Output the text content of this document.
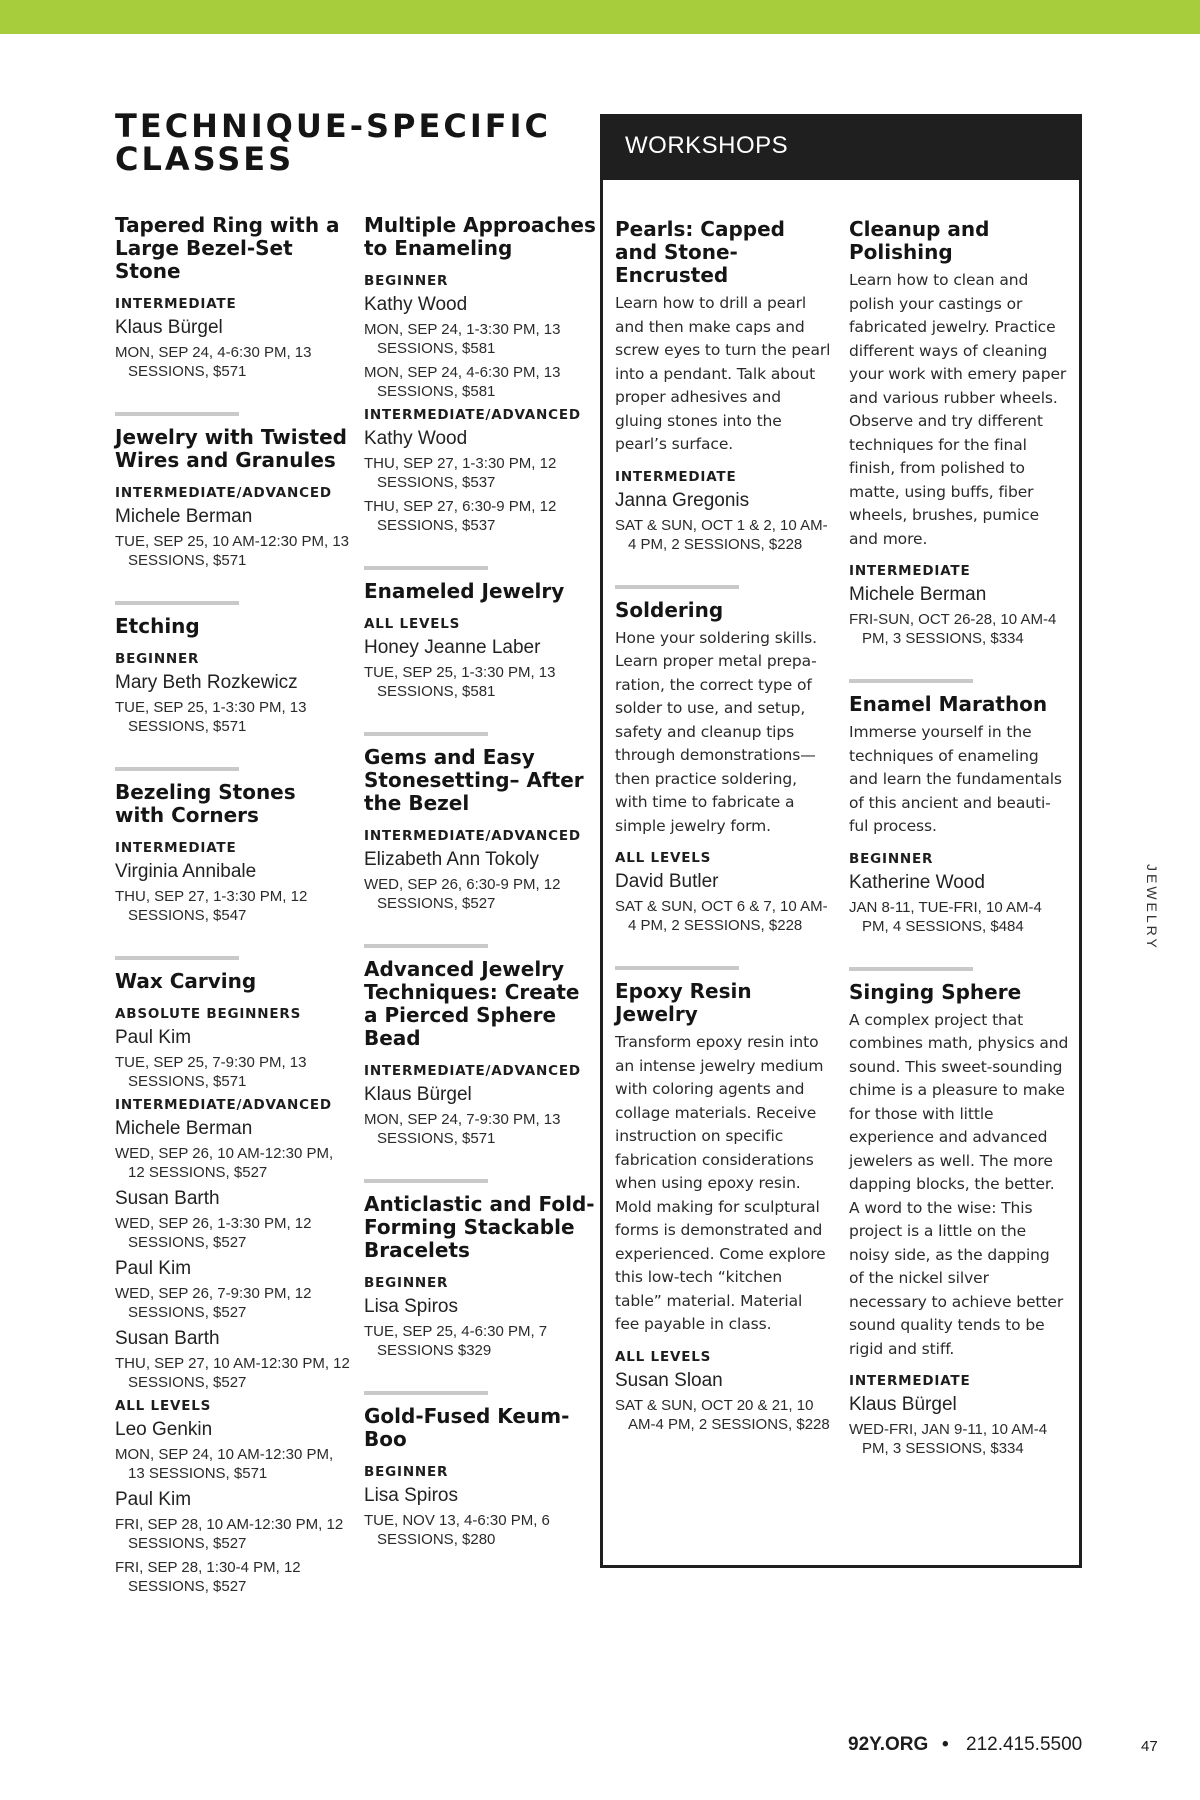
TECHNIQUE-SPECIFIC CLASSES	WORKSHOPS
Tapered Ring with a Large Bezel-Set Stone
INTERMEDIATE
Klaus Bürgel
MON, SEP 24, 4-6:30 PM, 13 SESSIONS, $571
Jewelry with Twisted Wires and Granules
INTERMEDIATE/ADVANCED
Michele Berman
TUE, SEP 25, 10 AM-12:30 PM, 13 SESSIONS, $571
Etching
BEGINNER
Mary Beth Rozkewicz
TUE, SEP 25, 1-3:30 PM, 13 SESSIONS, $571
Bezeling Stones with Corners
INTERMEDIATE
Virginia Annibale
THU, SEP 27, 1-3:30 PM, 12 SESSIONS, $547
Wax Carving
ABSOLUTE BEGINNERS
Paul Kim
TUE, SEP 25, 7-9:30 PM, 13 SESSIONS, $571
INTERMEDIATE/ADVANCED
Michele Berman
WED, SEP 26, 10 AM-12:30 PM, 12 SESSIONS, $527
Susan Barth
WED, SEP 26, 1-3:30 PM, 12 SESSIONS, $527
Paul Kim
WED, SEP 26, 7-9:30 PM, 12 SESSIONS, $527
Susan Barth
THU, SEP 27, 10 AM-12:30 PM, 12 SESSIONS, $527
ALL LEVELS
Leo Genkin
MON, SEP 24, 10 AM-12:30 PM, 13 SESSIONS, $571
Paul Kim
FRI, SEP 28, 10 AM-12:30 PM, 12 SESSIONS, $527
FRI, SEP 28, 1:30-4 PM, 12 SESSIONS, $527
Multiple Approaches to Enameling
BEGINNER
Kathy Wood
MON, SEP 24, 1-3:30 PM, 13 SESSIONS, $581
MON, SEP 24, 4-6:30 PM, 13 SESSIONS, $581
INTERMEDIATE/ADVANCED
Kathy Wood
THU, SEP 27, 1-3:30 PM, 12 SESSIONS, $537
THU, SEP 27, 6:30-9 PM, 12 SESSIONS, $537
Enameled Jewelry
ALL LEVELS
Honey Jeanne Laber
TUE, SEP 25, 1-3:30 PM, 13 SESSIONS, $581
Gems and Easy Stonesetting– After the Bezel
INTERMEDIATE/ADVANCED
Elizabeth Ann Tokoly
WED, SEP 26, 6:30-9 PM, 12 SESSIONS, $527
Advanced Jewelry Techniques: Create a Pierced Sphere Bead
INTERMEDIATE/ADVANCED
Klaus Bürgel
MON, SEP 24, 7-9:30 PM, 13 SESSIONS, $571
Anticlastic and Fold-Forming Stackable Bracelets
BEGINNER
Lisa Spiros
TUE, SEP 25, 4-6:30 PM, 7 SESSIONS $329
Gold-Fused Keum-Boo
BEGINNER
Lisa Spiros
TUE, NOV 13, 4-6:30 PM, 6 SESSIONS, $280
Pearls: Capped and Stone-Encrusted
Learn how to drill a pearl and then make caps and screw eyes to turn the pearl into a pendant. Talk about proper adhesives and gluing stones into the pearl’s surface.
INTERMEDIATE
Janna Gregonis
SAT & SUN, OCT 1 & 2, 10 AM-4 PM, 2 SESSIONS, $228
Soldering
Hone your soldering skills. Learn proper metal prepa-ration, the correct type of solder to use, and setup, safety and cleanup tips through demonstrations—then practice soldering, with time to fabricate a simple jewelry form.
ALL LEVELS
David Butler
SAT & SUN, OCT 6 & 7, 10 AM-4 PM, 2 SESSIONS, $228
Epoxy Resin Jewelry
Transform epoxy resin into an intense jewelry medium with coloring agents and collage materials. Receive instruction on specific fabrication considerations when using epoxy resin. Mold making for sculptural forms is demonstrated and experienced. Come explore this low-tech “kitchen table” material. Material fee payable in class.
ALL LEVELS
Susan Sloan
SAT & SUN, OCT 20 & 21, 10 AM-4 PM, 2 SESSIONS, $228
Cleanup and Polishing
Learn how to clean and polish your castings or fabricated jewelry. Practice different ways of cleaning your work with emery paper and various rubber wheels. Observe and try different techniques for the final finish, from polished to matte, using buffs, fiber wheels, brushes, pumice and more.
INTERMEDIATE
Michele Berman
FRI-SUN, OCT 26-28, 10 AM-4 PM, 3 SESSIONS, $334
Enamel Marathon
Immerse yourself in the techniques of enameling and learn the fundamentals of this ancient and beauti-ful process.
BEGINNER
Katherine Wood
JAN 8-11, TUE-FRI, 10 AM-4 PM, 4 SESSIONS, $484
Singing Sphere
A complex project that combines math, physics and sound. This sweet-sounding chime is a pleasure to make for those with little experience and advanced jewelers as well. The more dapping blocks, the better. A word to the wise: This project is a little on the noisy side, as the dapping of the nickel silver necessary to achieve better sound quality tends to be rigid and stiff.
INTERMEDIATE
Klaus Bürgel
WED-FRI, JAN 9-11, 10 AM-4 PM, 3 SESSIONS, $334
JEWELRY
92Y.ORG • 212.415.5500	47
